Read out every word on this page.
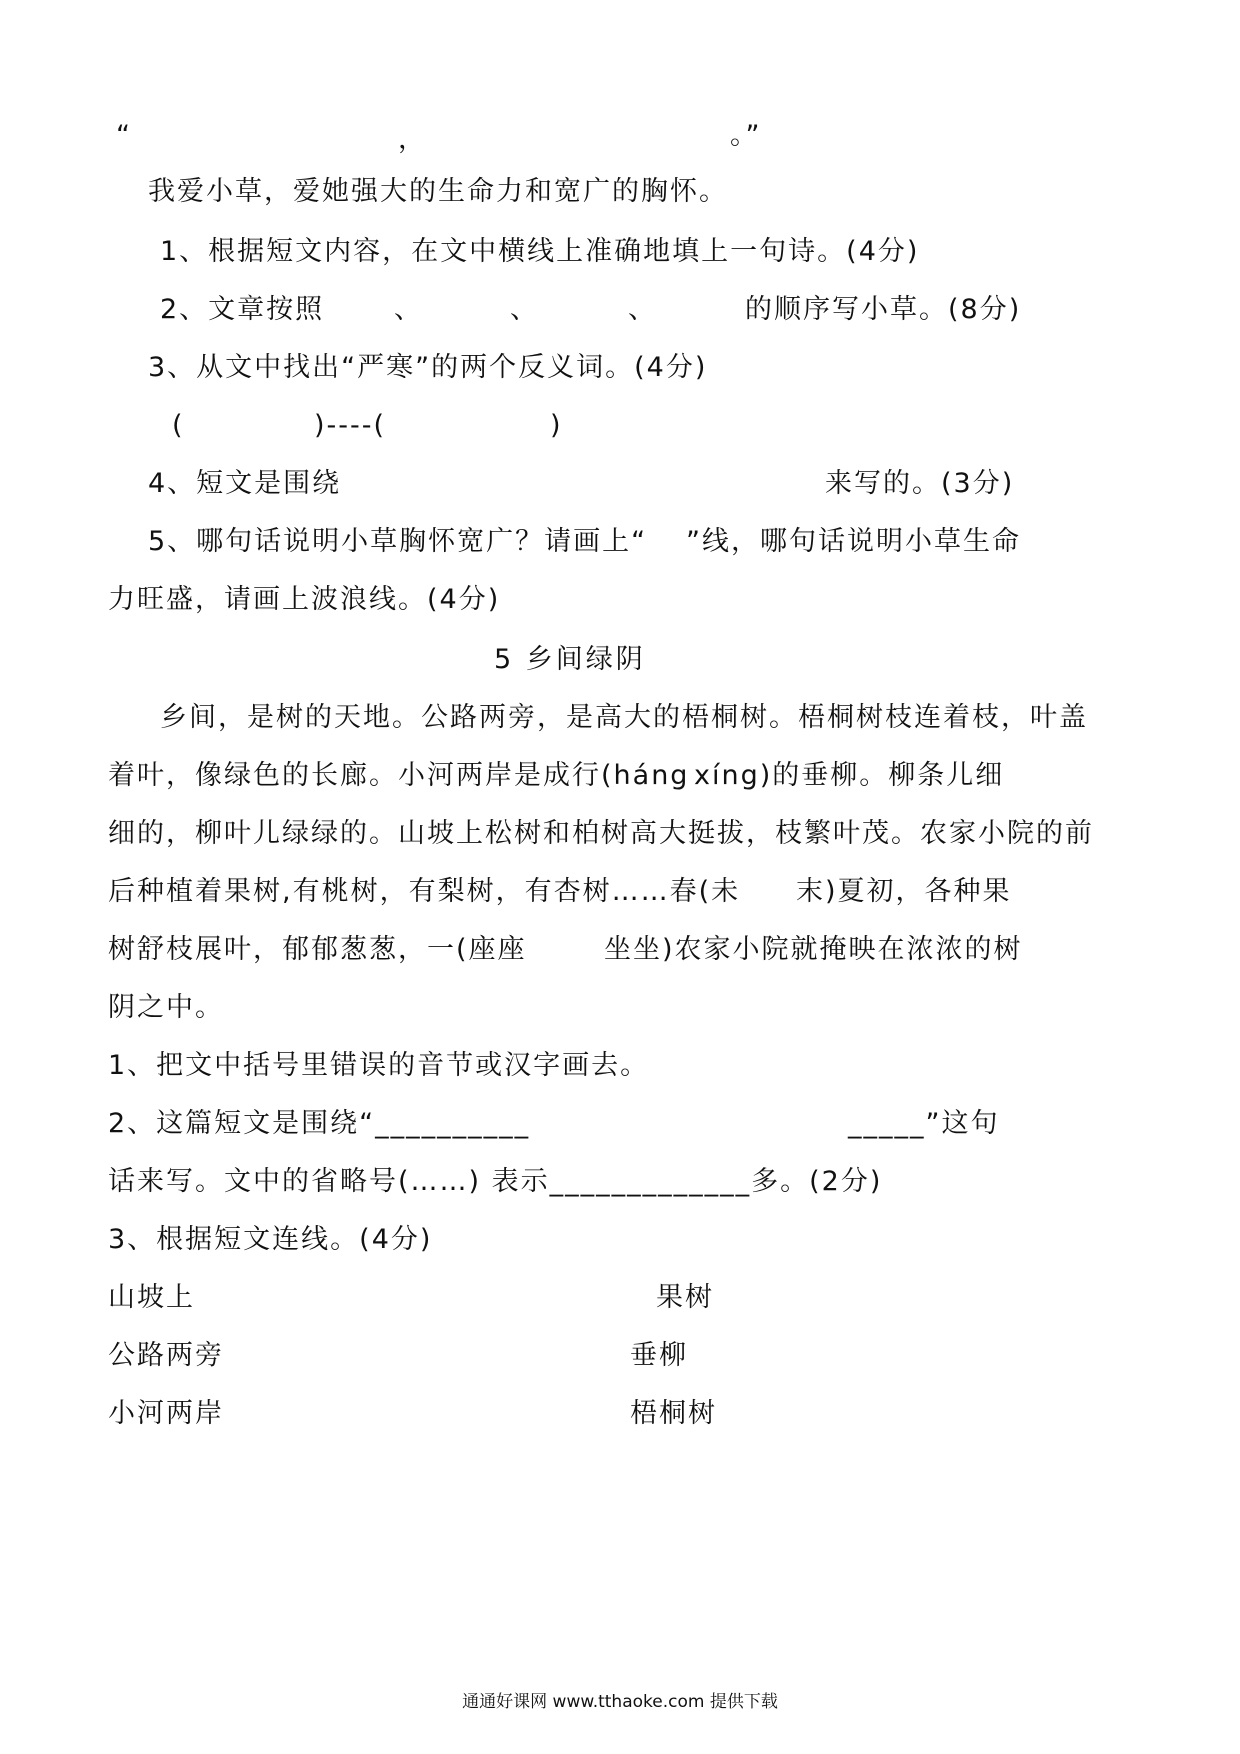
“	，	。”
我爱小草，爱她强大的生命力和宽广的胸怀。
1、根据短文内容，在文中横线上准确地填上一句诗。(4分)
2、文章按照	、	、	、	的顺序写小草。(8分)
3、从文中找出“严寒”的两个反义词。(4分)
(	)----(	)
4、短文是围绕	来写的。(3分)
5、哪句话说明小草胸怀宽广？请画上“ ”线，哪句话说明小草生命
力旺盛，请画上波浪线。(4分)
5 乡间绿阴
乡间，是树的天地。公路两旁，是高大的梧桐树。梧桐树枝连着枝，叶盖
着叶，像绿色的长廊。小河两岸是成行(háng xíng)的垂柳。柳条儿细
细的，柳叶儿绿绿的。山坡上松树和柏树高大挺拔，枝繁叶茂。农家小院的前
后种植着果树,有桃树，有梨树，有杏树……春(未 末)夏初，各种果
树舒枝展叶，郁郁葱葱，一(座座	坐坐)农家小院就掩映在浓浓的树
阴之中。
1、把文中括号里错误的音节或汉字画去。
2、这篇短文是围绕“__________	_____”这句
话来写。文中的省略号(……) 表示_____________多。(2分)
3、根据短文连线。(4分)
山坡上	果树
公路两旁	垂柳
小河两岸	梧桐树
通通好课网 www.tthaoke.com 提供下载
